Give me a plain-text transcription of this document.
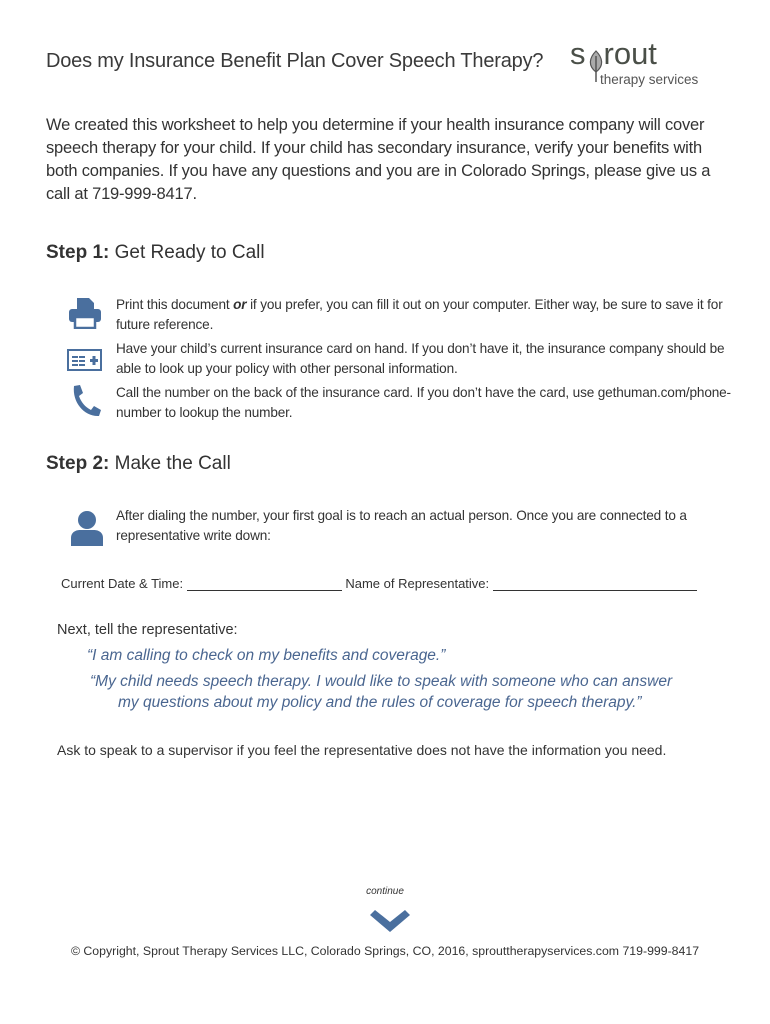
Does my Insurance Benefit Plan Cover Speech Therapy? s rout
therapy services
We created this worksheet to help you determine if your health insurance company will cover speech therapy for your child. If your child has secondary insurance, verify your benefits with both companies. If you have any questions and you are in Colorado Springs, please give us a call at 719-999-8417.
Step 1: Get Ready to Call
Print this document or if you prefer, you can fill it out on your computer. Either way, be sure to save it for future reference.
Have your child’s current insurance card on hand. If you don’t have it, the insurance company should be able to look up your policy with other personal information.
Call the number on the back of the insurance card. If you don’t have the card, use gethuman.com/phone-number to lookup the number.
Step 2: Make the Call
After dialing the number, your first goal is to reach an actual person. Once you are connected to a representative write down:
Current Date & Time:	Name of Representative:
Next, tell the representative:
“I am calling to check on my benefits and coverage.”
“My child needs speech therapy. I would like to speak with someone who can answer my questions about my policy and the rules of coverage for speech therapy.”
Ask to speak to a supervisor if you feel the representative does not have the information you need.
continue
© Copyright, Sprout Therapy Services LLC, Colorado Springs, CO, 2016, sprouttherapyservices.com 719-999-8417
